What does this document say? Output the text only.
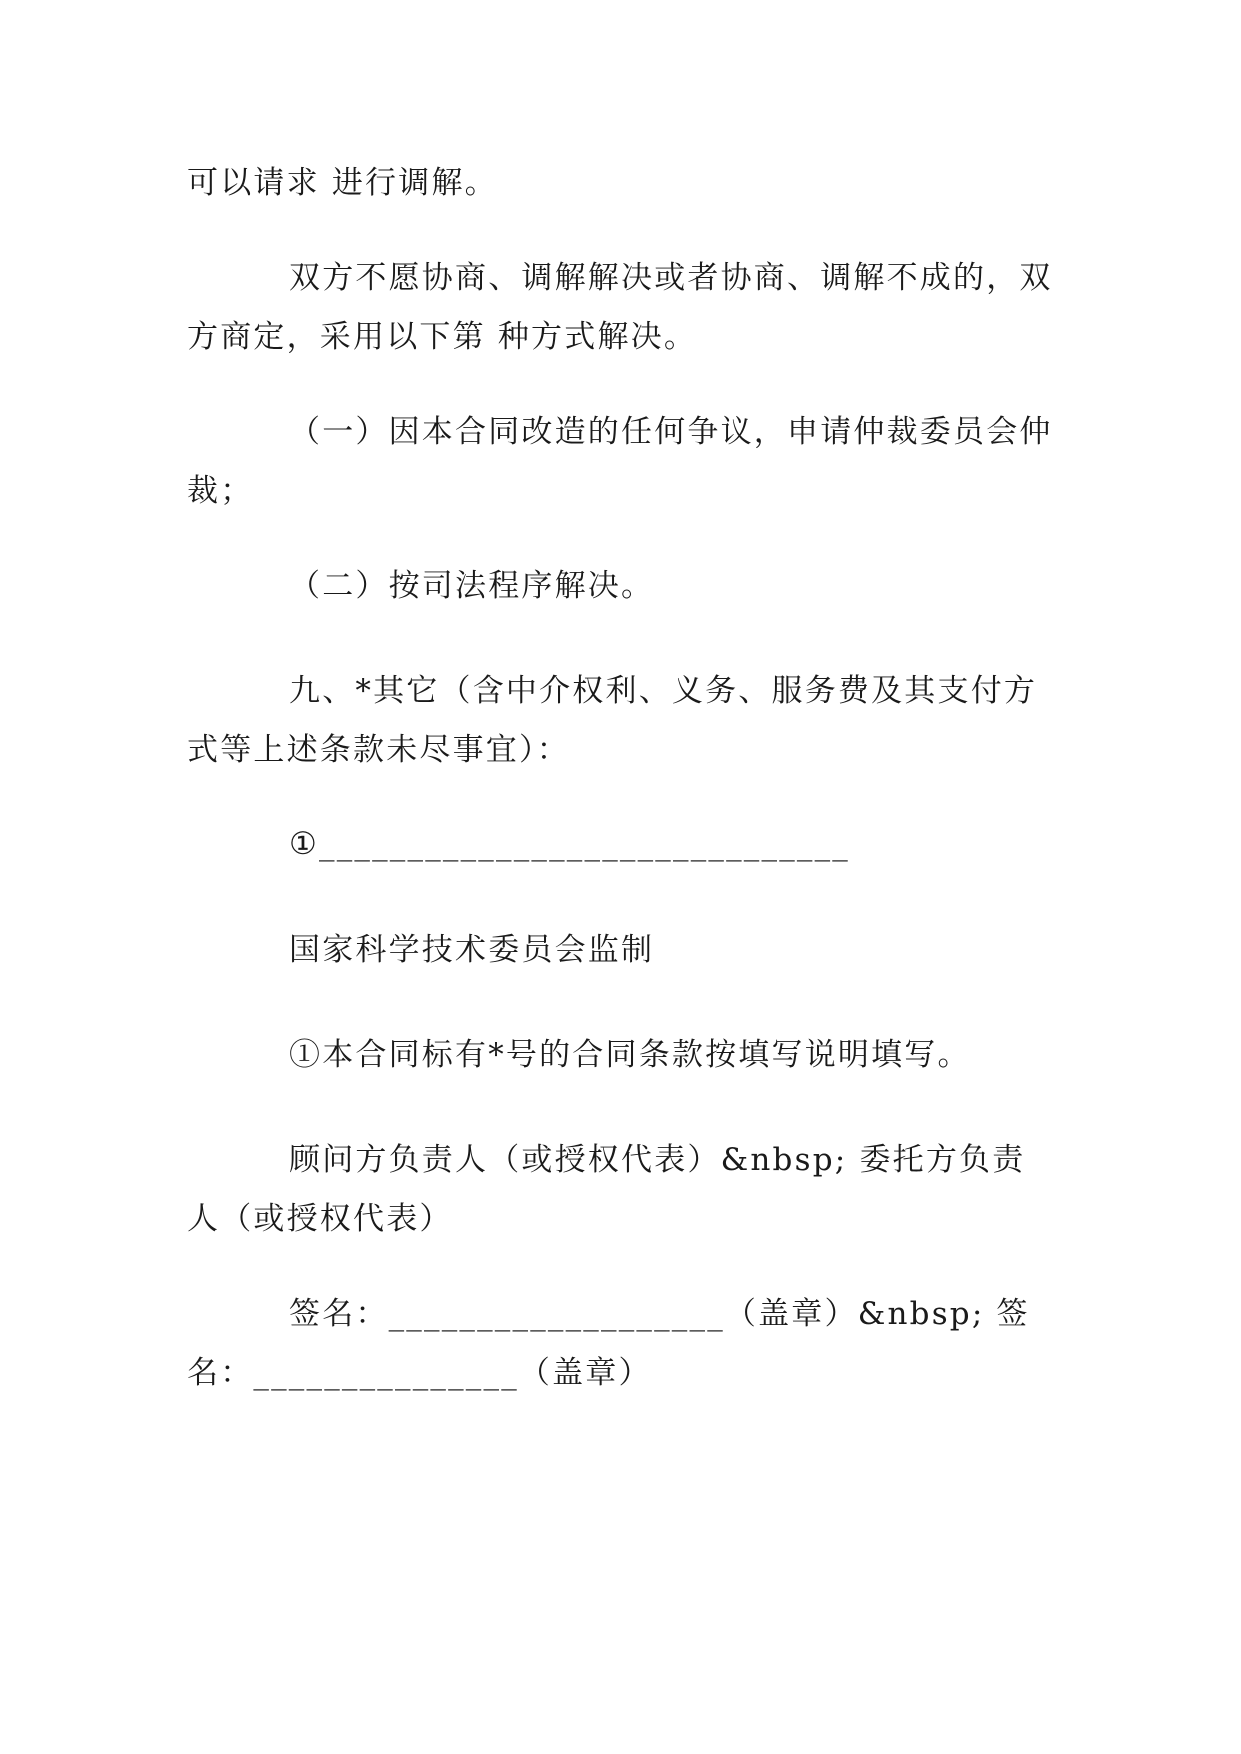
可以请求 进行调解。

双方不愿协商、调解解决或者协商、调解不成的，双方商定，采用以下第 种方式解决。

（一）因本合同改造的任何争议，申请仲裁委员会仲裁；

（二）按司法程序解决。

九、*其它（含中介权利、义务、服务费及其支付方式等上述条款未尽事宜）：

①______________________________

国家科学技术委员会监制

①本合同标有*号的合同条款按填写说明填写。

顾问方负责人（或授权代表）&nbsp; 委托方负责人（或授权代表）

签名：___________________（盖章）&nbsp; 签名：_______________（盖章）
